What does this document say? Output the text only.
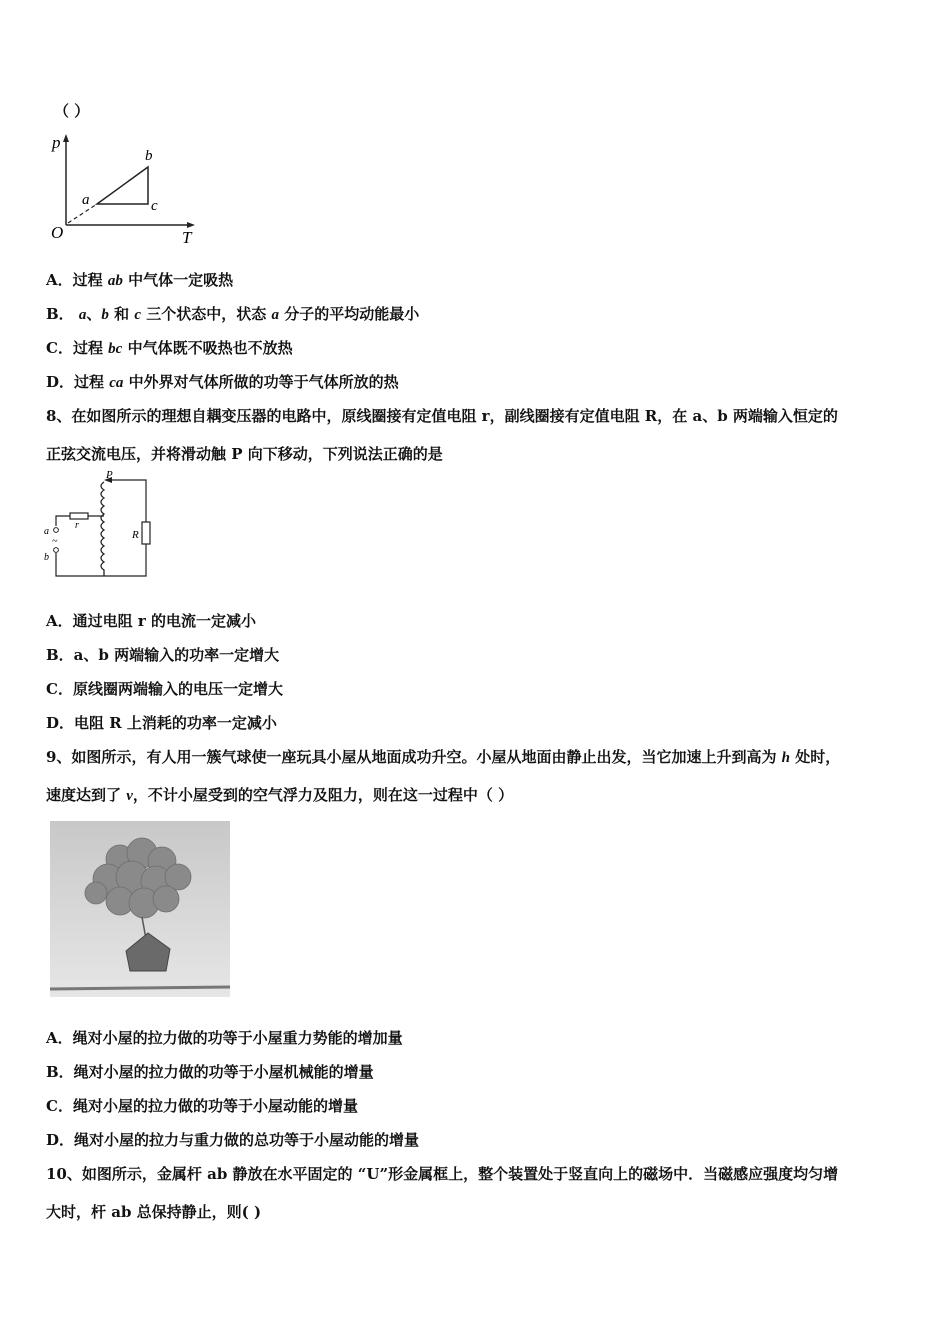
（ ）
p
T
O
a
b
c
A．过程 ab 中气体一定吸热
B． a、b 和 c 三个状态中，状态 a 分子的平均动能最小
C．过程 bc 中气体既不吸热也不放热
D．过程 ca 中外界对气体所做的功等于气体所放的热
8、在如图所示的理想自耦变压器的电路中，原线圈接有定值电阻 r，副线圈接有定值电阻 R，在 a、b 两端输入恒定的
正弦交流电压，并将滑动触 P 向下移动，下列说法正确的是
R
P
r
a
b
~
A．通过电阻 r 的电流一定减小
B．a、b 两端输入的功率一定增大
C．原线圈两端输入的电压一定增大
D．电阻 R 上消耗的功率一定减小
9、如图所示，有人用一簇气球使一座玩具小屋从地面成功升空。小屋从地面由静止出发，当它加速上升到高为 h 处时，
速度达到了 v，不计小屋受到的空气浮力及阻力，则在这一过程中（ ）
A．绳对小屋的拉力做的功等于小屋重力势能的增加量
B．绳对小屋的拉力做的功等于小屋机械能的增量
C．绳对小屋的拉力做的功等于小屋动能的增量
D．绳对小屋的拉力与重力做的总功等于小屋动能的增量
10、如图所示，金属杆 ab 静放在水平固定的 “U”形金属框上，整个装置处于竖直向上的磁场中．当磁感应强度均匀增
大时，杆 ab 总保持静止，则( )
